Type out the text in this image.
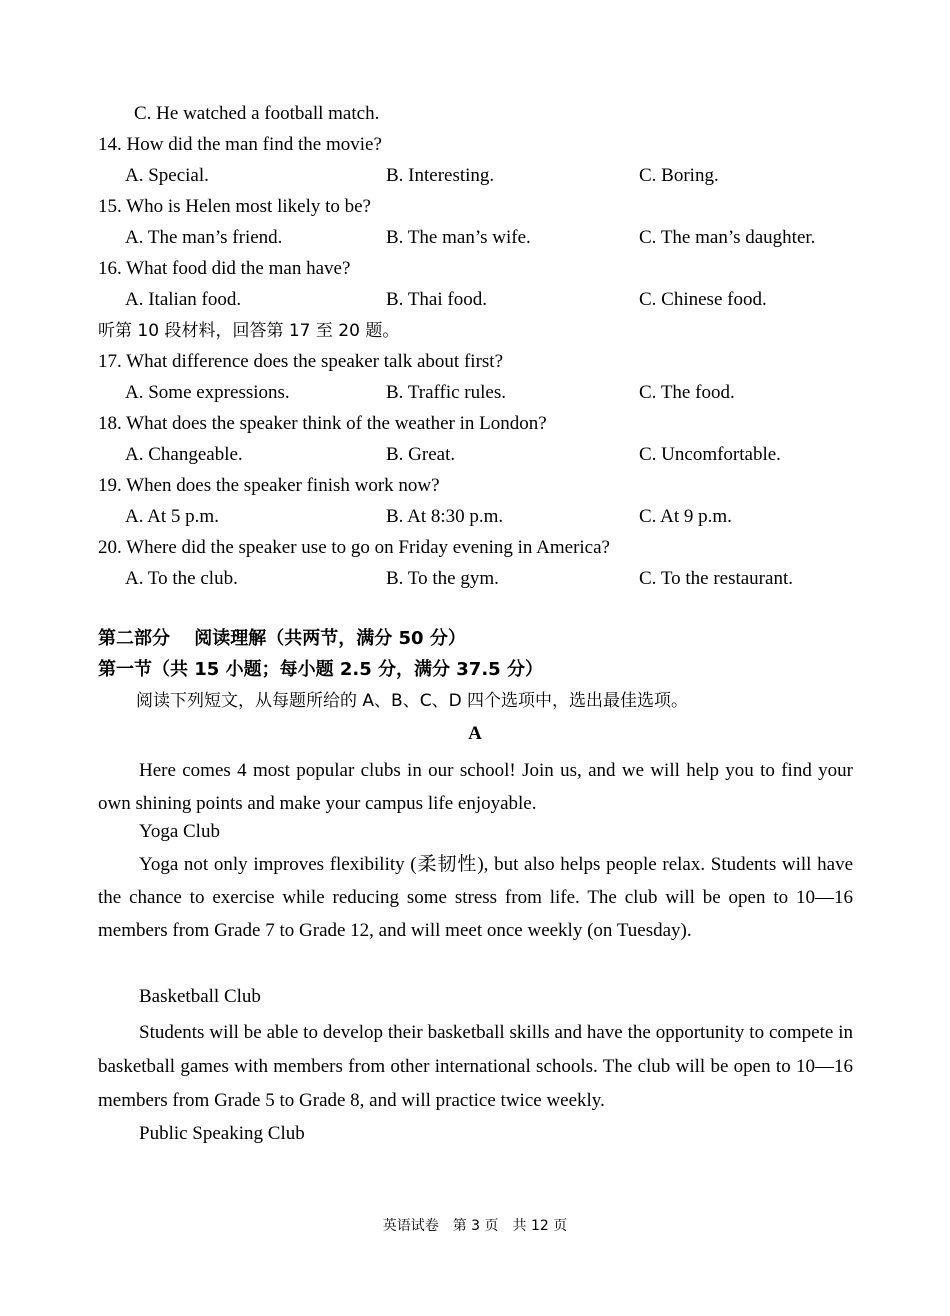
C. He watched a football match.
14. How did the man find the movie?
A. Special.	B. Interesting.	C. Boring.
15. Who is Helen most likely to be?
A. The man’s friend.	B. The man’s wife.	C. The man’s daughter.
16. What food did the man have?
A. Italian food.	B. Thai food.	C. Chinese food.
听第 10 段材料，回答第 17 至 20 题。
17. What difference does the speaker talk about first?
A. Some expressions.	B. Traffic rules.	C. The food.
18. What does the speaker think of the weather in London?
A. Changeable.	B. Great.	C. Uncomfortable.
19. When does the speaker finish work now?
A. At 5 p.m.	B. At 8:30 p.m.	C. At 9 p.m.
20. Where did the speaker use to go on Friday evening in America?
A. To the club.	B. To the gym.	C. To the restaurant.
第二部分　 阅读理解（共两节，满分 50 分）
第一节（共 15 小题；每小题 2.5 分，满分 37.5 分）
阅读下列短文，从每题所给的 A、B、C、D 四个选项中，选出最佳选项。
A

Here comes 4 most popular clubs in our school! Join us, and we will help you to find your own shining points and make your campus life enjoyable.

Yoga Club

Yoga not only improves flexibility (柔韧性), but also helps people relax. Students will have the chance to exercise while reducing some stress from life. The club will be open to 10—16 members from Grade 7 to Grade 12, and will meet once weekly (on Tuesday).

Basketball Club

Students will be able to develop their basketball skills and have the opportunity to compete in basketball games with members from other international schools. The club will be open to 10—16 members from Grade 5 to Grade 8, and will practice twice weekly.

Public Speaking Club
英语试卷　第 3 页　共 12 页
